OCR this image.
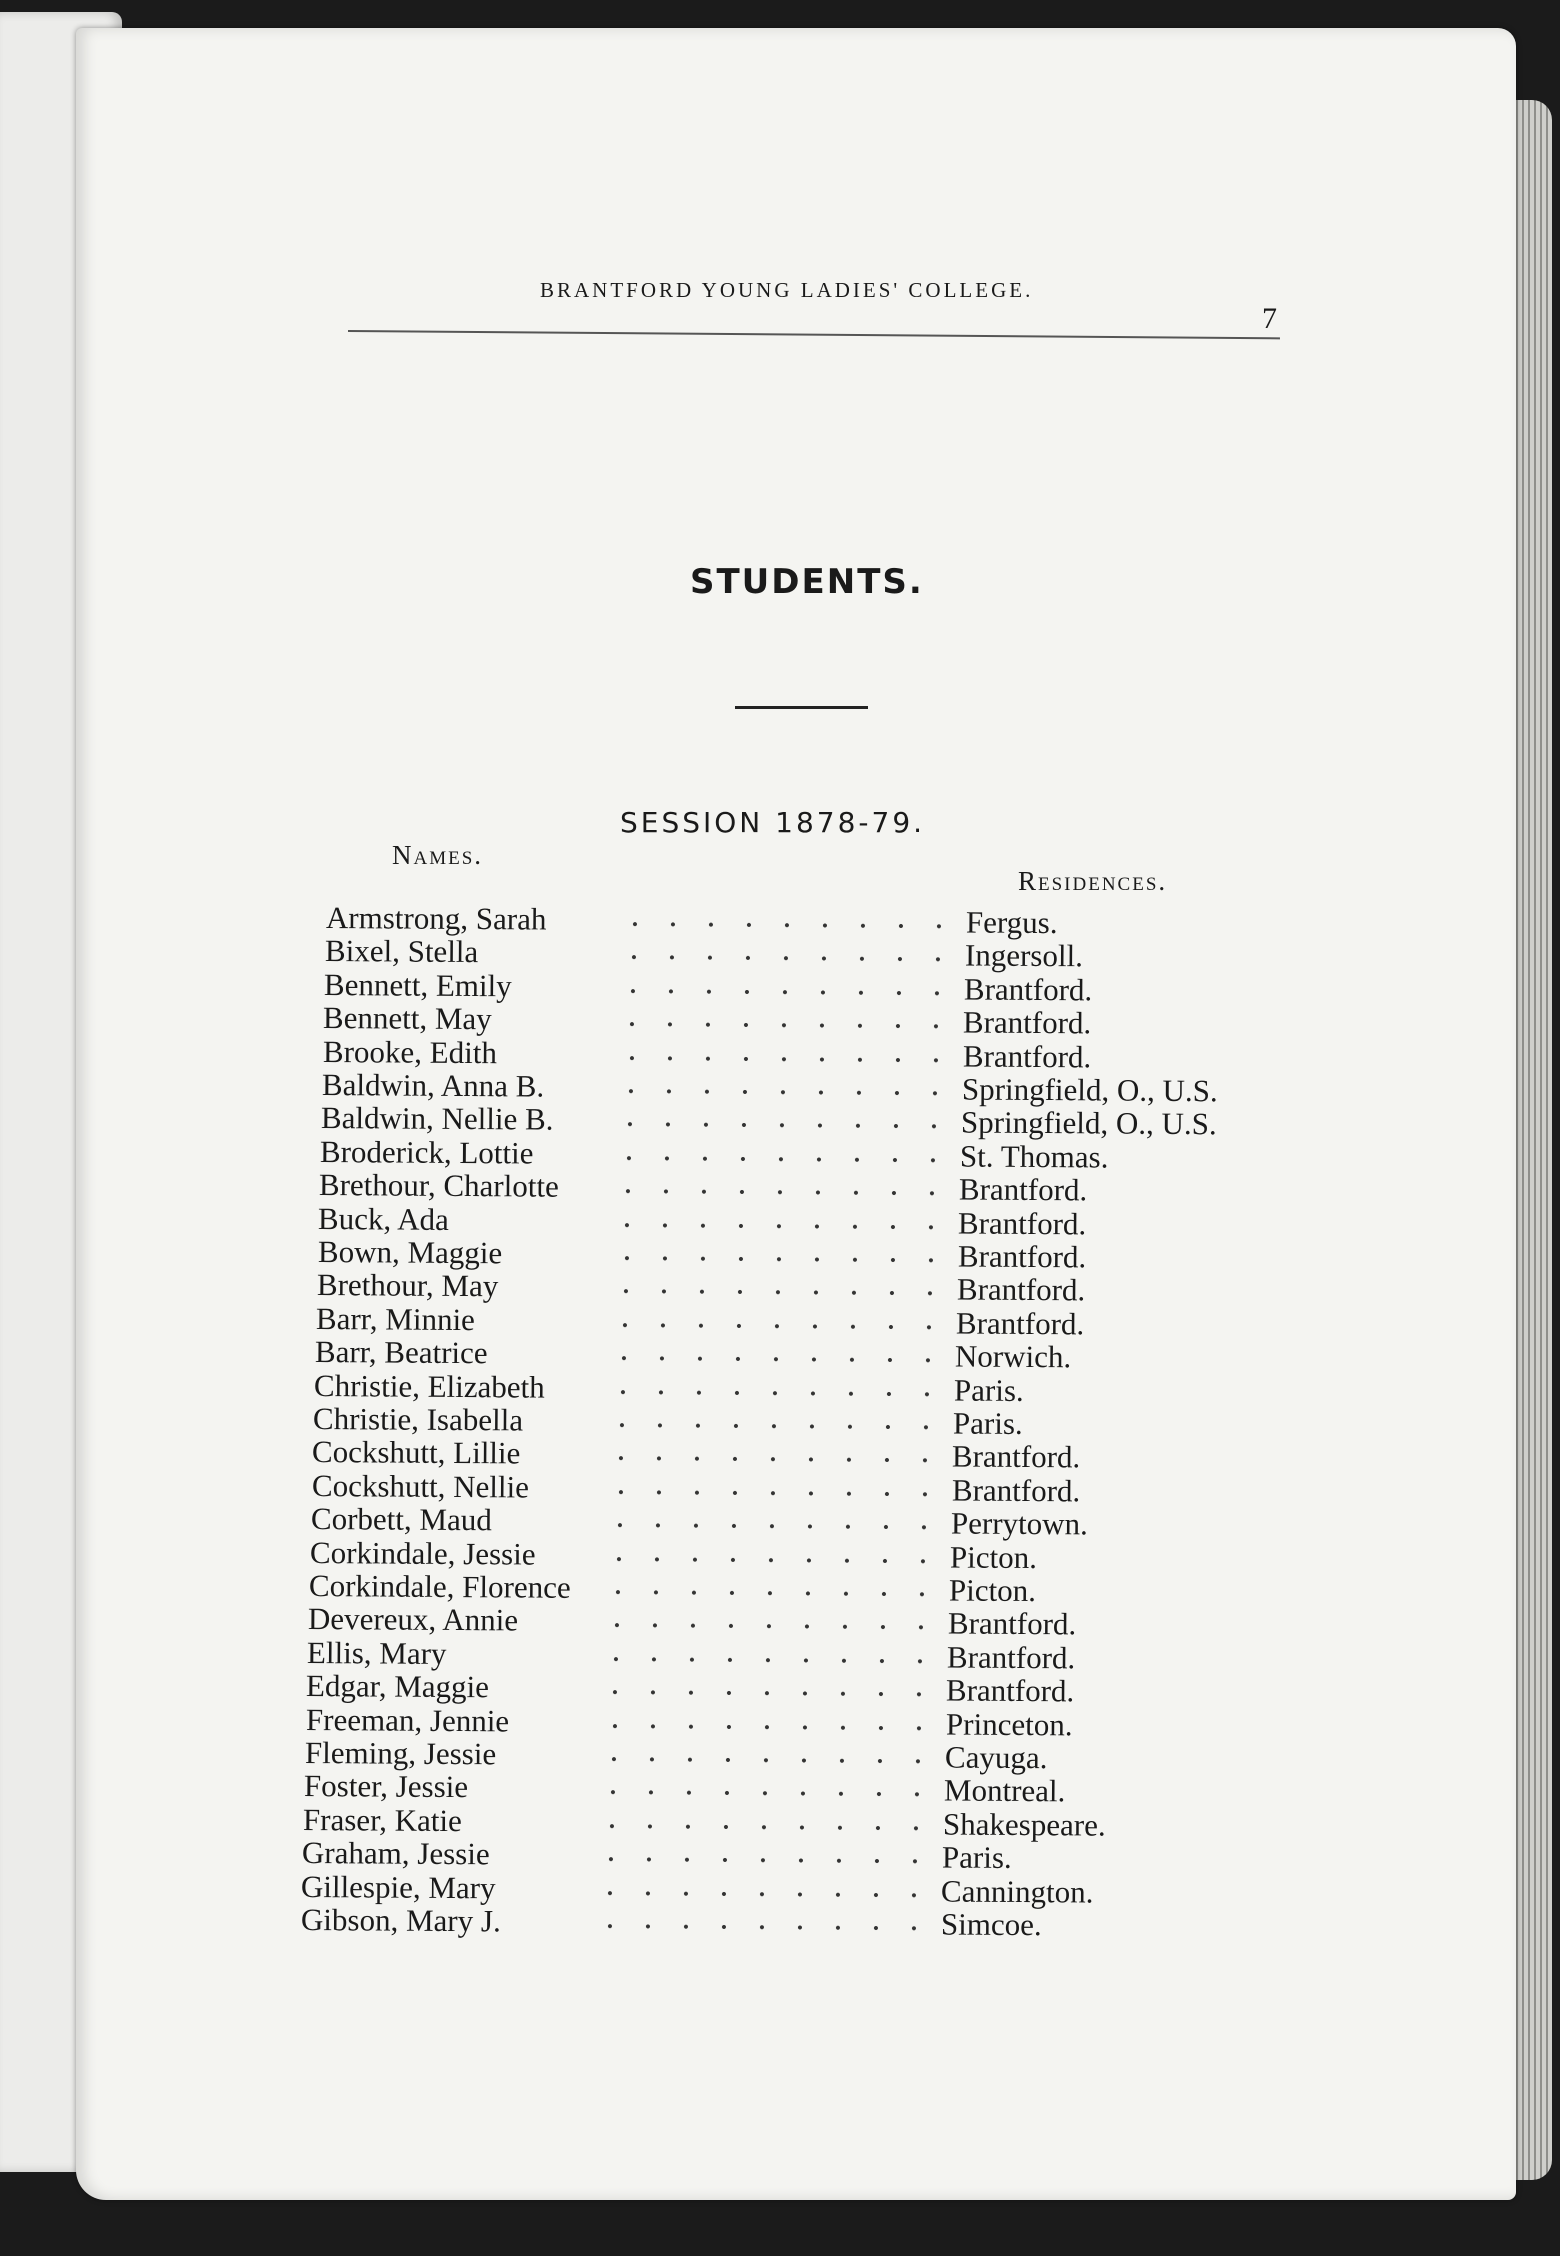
BRANTFORD YOUNG LADIES' COLLEGE.
7
STUDENTS.
SESSION 1878-79.
Names.
Residences.
Armstrong, Sarah	Fergus.
Bixel, Stella	Ingersoll.
Bennett, Emily	Brantford.
Bennett, May	Brantford.
Brooke, Edith	Brantford.
Baldwin, Anna B.	Springfield, O., U.S.
Baldwin, Nellie B.	Springfield, O., U.S.
Broderick, Lottie	St. Thomas.
Brethour, Charlotte	Brantford.
Buck, Ada	Brantford.
Bown, Maggie	Brantford.
Brethour, May	Brantford.
Barr, Minnie	Brantford.
Barr, Beatrice	Norwich.
Christie, Elizabeth	Paris.
Christie, Isabella	Paris.
Cockshutt, Lillie	Brantford.
Cockshutt, Nellie	Brantford.
Corbett, Maud	Perrytown.
Corkindale, Jessie	Picton.
Corkindale, Florence	Picton.
Devereux, Annie	Brantford.
Ellis, Mary	Brantford.
Edgar, Maggie	Brantford.
Freeman, Jennie	Princeton.
Fleming, Jessie	Cayuga.
Foster, Jessie	Montreal.
Fraser, Katie	Shakespeare.
Graham, Jessie	Paris.
Gillespie, Mary	Cannington.
Gibson, Mary J.	Simcoe.
